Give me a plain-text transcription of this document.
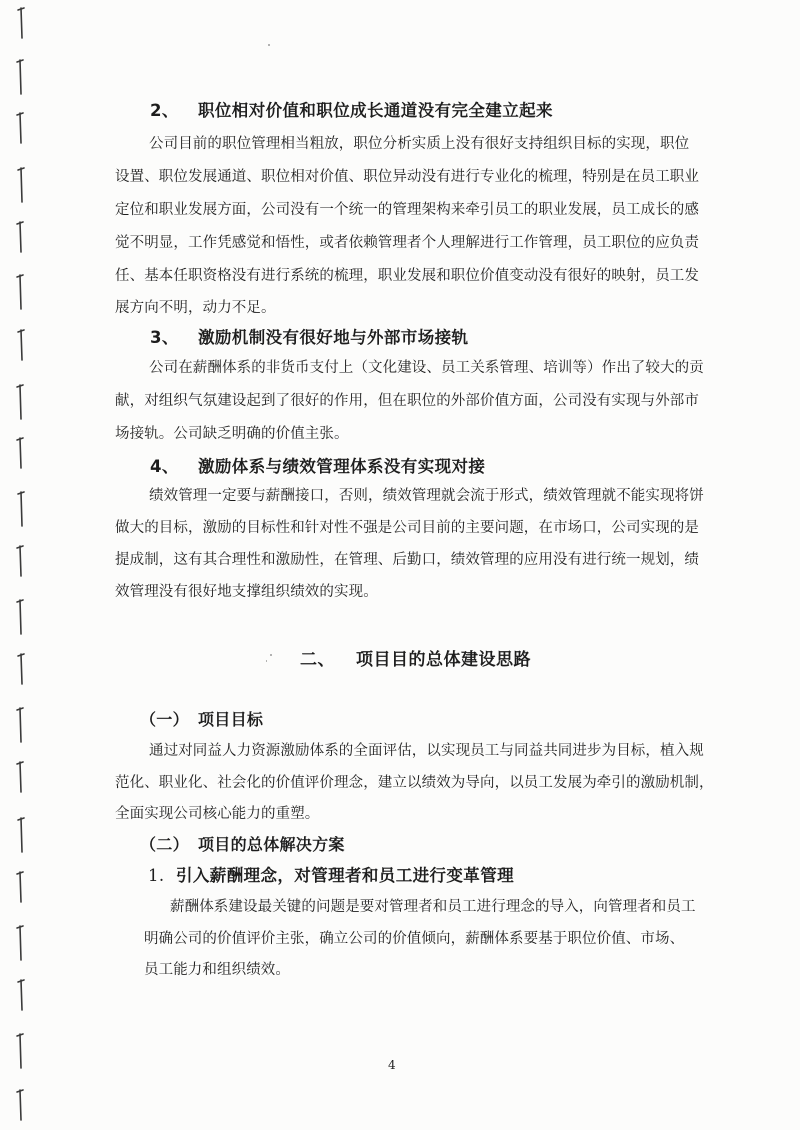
2、 职位相对价值和职位成长通道没有完全建立起来
公司目前的职位管理相当粗放，职位分析实质上没有很好支持组织目标的实现，职位
设置、职位发展通道、职位相对价值、职位异动没有进行专业化的梳理，特别是在员工职业
定位和职业发展方面，公司没有一个统一的管理架构来牵引员工的职业发展，员工成长的感
觉不明显，工作凭感觉和悟性，或者依赖管理者个人理解进行工作管理，员工职位的应负责
任、基本任职资格没有进行系统的梳理，职业发展和职位价值变动没有很好的映射，员工发
展方向不明，动力不足。
3、 激励机制没有很好地与外部市场接轨
公司在薪酬体系的非货币支付上（文化建设、员工关系管理、培训等）作出了较大的贡
献，对组织气氛建设起到了很好的作用，但在职位的外部价值方面，公司没有实现与外部市
场接轨。公司缺乏明确的价值主张。
4、 激励体系与绩效管理体系没有实现对接
绩效管理一定要与薪酬接口，否则，绩效管理就会流于形式，绩效管理就不能实现将饼
做大的目标，激励的目标性和针对性不强是公司目前的主要问题，在市场口，公司实现的是
提成制，这有其合理性和激励性，在管理、后勤口，绩效管理的应用没有进行统一规划，绩
效管理没有很好地支撑组织绩效的实现。
二、 项目目的总体建设思路
（一） 项目目标
通过对同益人力资源激励体系的全面评估，以实现员工与同益共同进步为目标，植入规
范化、职业化、社会化的价值评价理念，建立以绩效为导向，以员工发展为牵引的激励机制，
全面实现公司核心能力的重塑。
（二） 项目的总体解决方案
1. 引入薪酬理念，对管理者和员工进行变革管理
薪酬体系建设最关键的问题是要对管理者和员工进行理念的导入，向管理者和员工
明确公司的价值评价主张，确立公司的价值倾向，薪酬体系要基于职位价值、市场、
员工能力和组织绩效。
4
